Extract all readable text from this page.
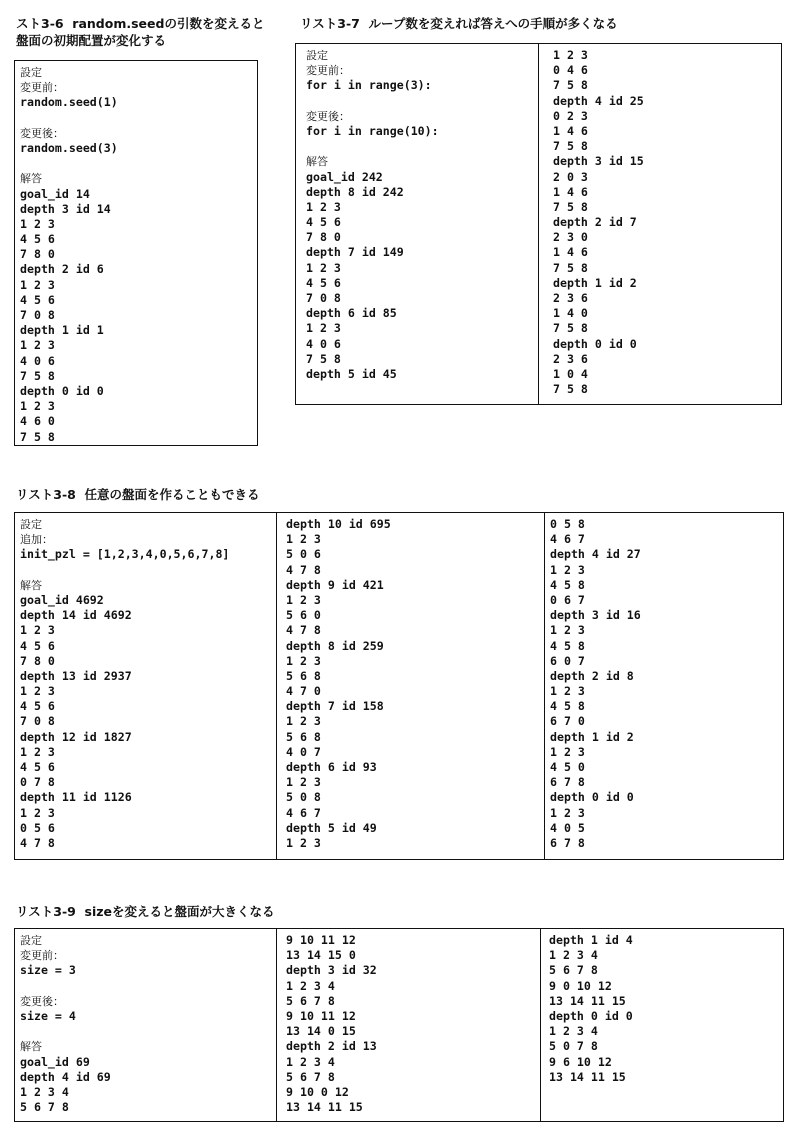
スト3-6  random.seedの引数を変えると
盤面の初期配置が変化する
リスト3-7  ループ数を変えれば答えへの手順が多くなる
リスト3-8  任意の盤面を作ることもできる
リスト3-9  sizeを変えると盤面が大きくなる
設定
変更前：
random.seed(1)
変更後：
random.seed(3)
解答
goal_id 14
depth 3 id 14
1 2 3
4 5 6
7 8 0
depth 2 id 6
1 2 3
4 5 6
7 0 8
depth 1 id 1
1 2 3
4 0 6
7 5 8
depth 0 id 0
1 2 3
4 6 0
7 5 8
設定
変更前：
for i in range(3):
変更後：
for i in range(10):
解答
goal_id 242
depth 8 id 242
1 2 3
4 5 6
7 8 0
depth 7 id 149
1 2 3
4 5 6
7 0 8
depth 6 id 85
1 2 3
4 0 6
7 5 8
depth 5 id 45
1 2 3
0 4 6
7 5 8
depth 4 id 25
0 2 3
1 4 6
7 5 8
depth 3 id 15
2 0 3
1 4 6
7 5 8
depth 2 id 7
2 3 0
1 4 6
7 5 8
depth 1 id 2
2 3 6
1 4 0
7 5 8
depth 0 id 0
2 3 6
1 0 4
7 5 8
設定
追加：
init_pzl = [1,2,3,4,0,5,6,7,8]
解答
goal_id 4692
depth 14 id 4692
1 2 3
4 5 6
7 8 0
depth 13 id 2937
1 2 3
4 5 6
7 0 8
depth 12 id 1827
1 2 3
4 5 6
0 7 8
depth 11 id 1126
1 2 3
0 5 6
4 7 8
depth 10 id 695
1 2 3
5 0 6
4 7 8
depth 9 id 421
1 2 3
5 6 0
4 7 8
depth 8 id 259
1 2 3
5 6 8
4 7 0
depth 7 id 158
1 2 3
5 6 8
4 0 7
depth 6 id 93
1 2 3
5 0 8
4 6 7
depth 5 id 49
1 2 3
0 5 8
4 6 7
depth 4 id 27
1 2 3
4 5 8
0 6 7
depth 3 id 16
1 2 3
4 5 8
6 0 7
depth 2 id 8
1 2 3
4 5 8
6 7 0
depth 1 id 2
1 2 3
4 5 0
6 7 8
depth 0 id 0
1 2 3
4 0 5
6 7 8
設定
変更前：
size = 3
変更後：
size = 4
解答
goal_id 69
depth 4 id 69
1 2 3 4
5 6 7 8
9 10 11 12
13 14 15 0
depth 3 id 32
1 2 3 4
5 6 7 8
9 10 11 12
13 14 0 15
depth 2 id 13
1 2 3 4
5 6 7 8
9 10 0 12
13 14 11 15
depth 1 id 4
1 2 3 4
5 6 7 8
9 0 10 12
13 14 11 15
depth 0 id 0
1 2 3 4
5 0 7 8
9 6 10 12
13 14 11 15
